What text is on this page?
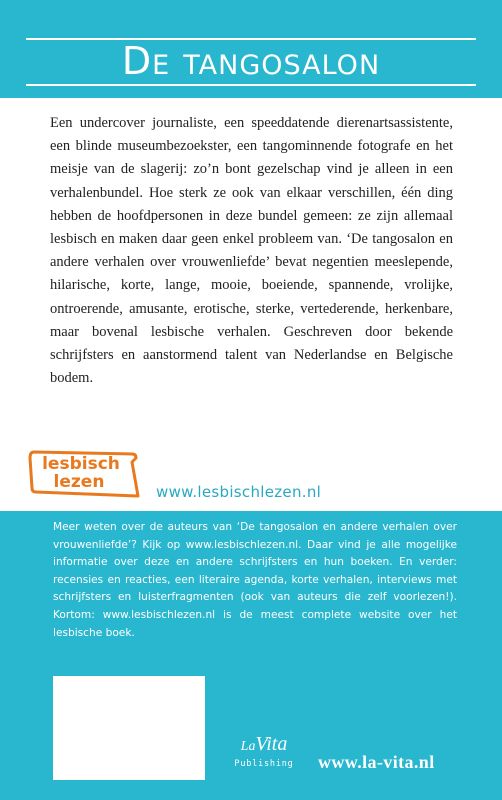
De tangosalon
Een undercover journaliste, een speeddatende dierenartsassistente, een blinde museumbezoekster, een tangominnende fotografe en het meisje van de slagerij: zo’n bont gezelschap vind je alleen in een verhalenbundel. Hoe sterk ze ook van elkaar verschillen, één ding hebben de hoofdpersonen in deze bundel gemeen: ze zijn allemaal lesbisch en maken daar geen enkel probleem van. ‘De tangosalon en andere verhalen over vrouwenliefde’ bevat negentien meeslepende, hilarische, korte, lange, mooie, boeiende, spannende, vrolijke, ontroerende, amusante, erotische, sterke, vertederende, herkenbare, maar bovenal lesbische verhalen. Geschreven door bekende schrijfsters en aanstormend talent van Nederlandse en Belgische bodem.
lesbisch
lezen	www.lesbischlezen.nl
Meer weten over de auteurs van ‘De tangosalon en andere verhalen over vrouwenliefde’? Kijk op www.lesbischlezen.nl. Daar vind je alle mogelijke informatie over deze en andere schrijfsters en hun boeken. En verder: recensies en reacties, een literaire agenda, korte verhalen, interviews met schrijfsters en luisterfragmenten (ook van auteurs die zelf voorlezen!). Kortom: www.lesbischlezen.nl is de meest complete website over het lesbische boek.
LaVita
Publishing	www.la-vita.nl
